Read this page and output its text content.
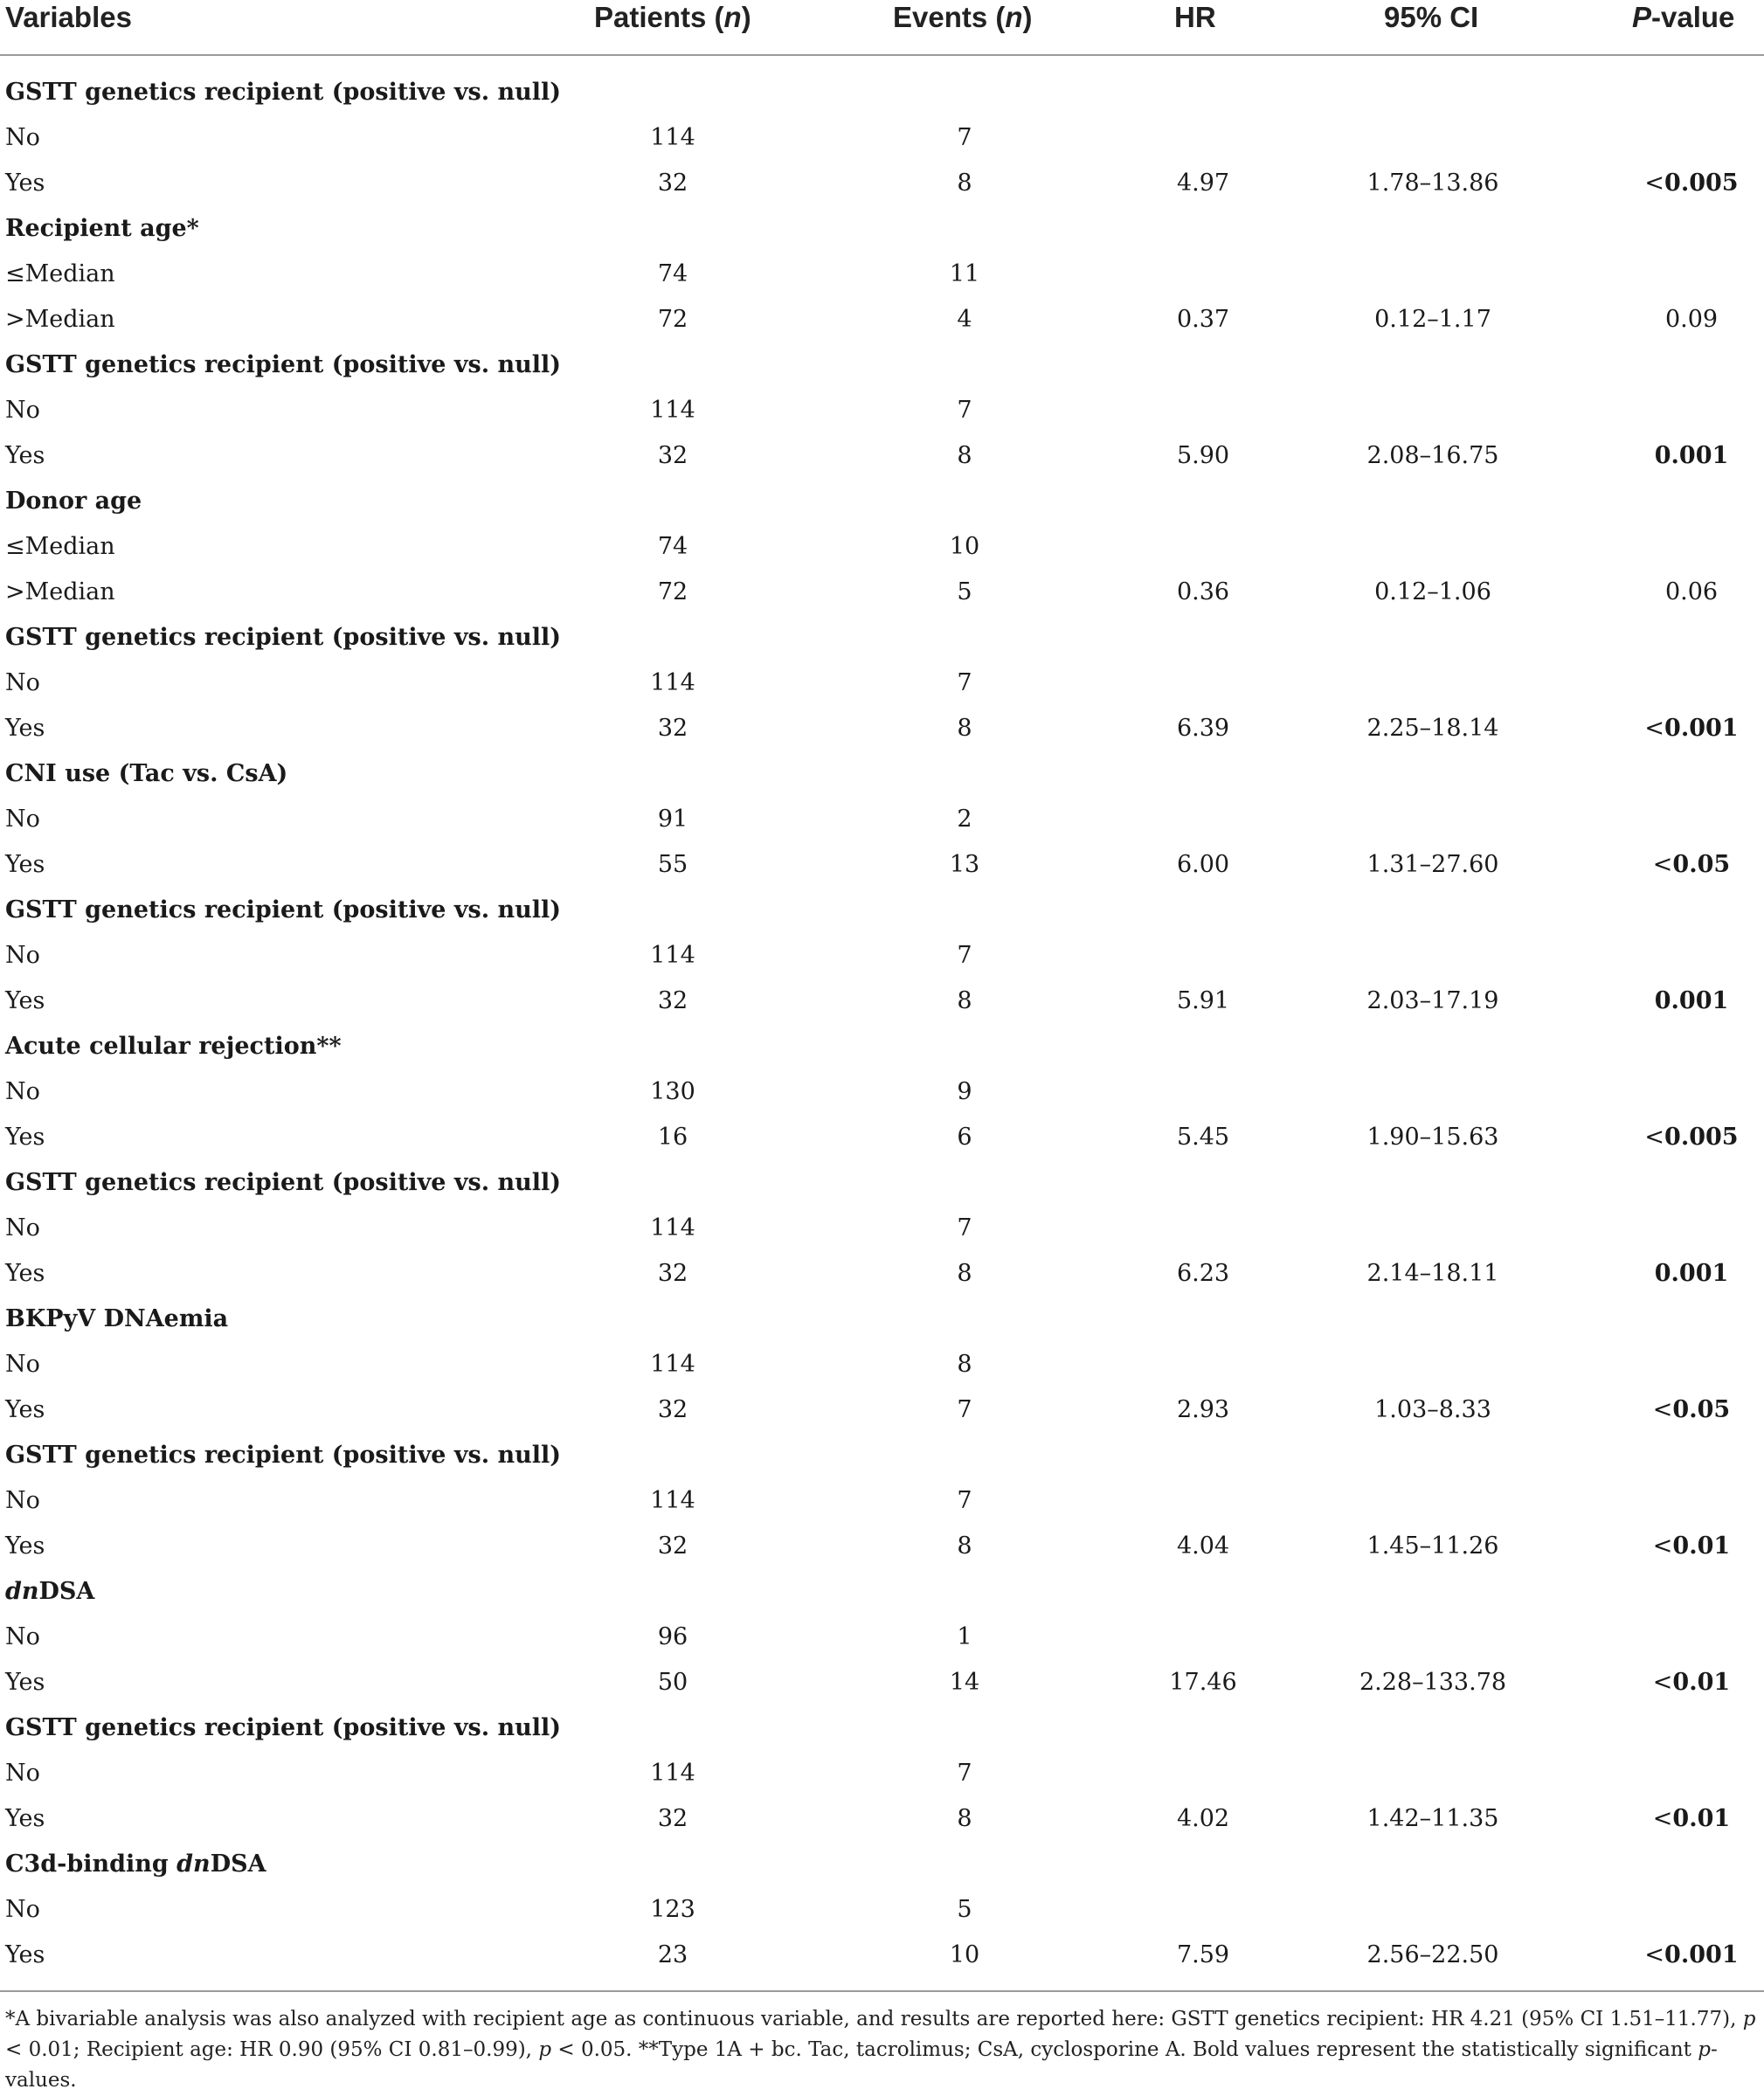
Variables	Patients (n)	Events (n)	HR	95% CI	P-value
GSTT genetics recipient (positive vs. null)
No	114	7
Yes	32	8	4.97	1.78–13.86	<0.005
Recipient age*
≤Median	74	11
>Median	72	4	0.37	0.12–1.17	0.09
GSTT genetics recipient (positive vs. null)
No	114	7
Yes	32	8	5.90	2.08–16.75	0.001
Donor age
≤Median	74	10
>Median	72	5	0.36	0.12–1.06	0.06
GSTT genetics recipient (positive vs. null)
No	114	7
Yes	32	8	6.39	2.25–18.14	<0.001
CNI use (Tac vs. CsA)
No	91	2
Yes	55	13	6.00	1.31–27.60	<0.05
GSTT genetics recipient (positive vs. null)
No	114	7
Yes	32	8	5.91	2.03–17.19	0.001
Acute cellular rejection**
No	130	9
Yes	16	6	5.45	1.90–15.63	<0.005
GSTT genetics recipient (positive vs. null)
No	114	7
Yes	32	8	6.23	2.14–18.11	0.001
BKPyV DNAemia
No	114	8
Yes	32	7	2.93	1.03–8.33	<0.05
GSTT genetics recipient (positive vs. null)
No	114	7
Yes	32	8	4.04	1.45–11.26	<0.01
dnDSA
No	96	1
Yes	50	14	17.46	2.28–133.78	<0.01
GSTT genetics recipient (positive vs. null)
No	114	7
Yes	32	8	4.02	1.42–11.35	<0.01
C3d-binding dnDSA
No	123	5
Yes	23	10	7.59	2.56–22.50	<0.001
*A bivariable analysis was also analyzed with recipient age as continuous variable, and results are reported here: GSTT genetics recipient: HR 4.21 (95% CI 1.51–11.77), p < 0.01; Recipient age: HR 0.90 (95% CI 0.81–0.99), p < 0.05. **Type 1A + bc. Tac, tacrolimus; CsA, cyclosporine A. Bold values represent the statistically significant p-values.
